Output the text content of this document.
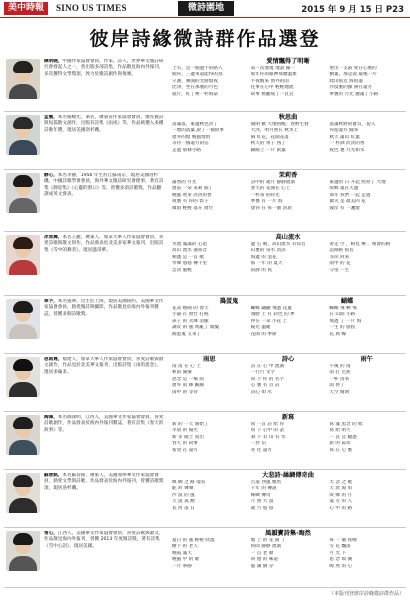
美中時報	SINO US TIMES	微詩園地	2015 年 9 月 15 日 P23
彼岸詩緣微詩群作品選登
陳明晚，中國作家協會會員，作家、詩人、世界華文微詩研究會發起人之一，曾出版多部詩集，作品散見海內外報刊，多次獲得文學獎項，致力於微詩創作與推廣。
愛情飄得了明晰
上有，是一個過不的路人
開你，三邊來還能得的鳥
守護，彈開的光鮮燈夜
比淨，坐在那裏的月色
就片，紅了裡一杯海棠
第一次發現 地說 歸一
那年你的眼神那麼溫柔
半夜醒來 窗外的雨
往事在心中 輕輕地流
故事 被翻成了一頁頁
射出一支箭 愛在心裏的
樹葉，那是淚 最後一片
爬山很近 海很遠
沙漠裏的綠 洲在遠方
夢裏的 月光 灑滿了小路
孟震，本名楊曉光，筆名，廣東省作家協會會員，擅長微詩與短篇散文創作，出版有詩集《雨夜》等，作品被選入多種詩歌年選，現居美國洛杉磯。
秋思曲
落滿落，東邊秋色淡了
一地的落葉 說了一個故事
窗外的燈 晚風悄悄
等待一個遠方的信
走過 那條小路
開朗 歡 大地初醒，春野生發
大河，明月照在 秋水上
兩 紅花，花開花落
秋天的 果子 熟了
歸路上 一片 黃葉
落滿秋野的寶貝，從入
你從遠方 歸來
秋天 滿山 紅葉
一 杯酒 淡淡的香
夜色 裏 月光如水
靜心，本名李靜，1956 年生於江蘇南京，現居美國洛杉磯。中國詩歌學會會員，海外華文微詩研究會理事，著有詩集《靜思集》《心靈的窗口》等，曾獲多項詩歌獎，作品翻譯成英文發表。
茉莉香
滿香的 月光
窗前 一朵 茉莉 開了
晚風 吹來 淡淡的香
夜裏 有 你的 影子
微雨 輕輕 落在 窗台
詩中的 歲月 靜靜流淌
春天的 花開在 心上
一杯茶 的時光
夢裏 有 一片 海
想你 在 每一個 清晨
東邊的 日 升起 照亮了 大地
故鄉 遠在天邊
那年 我們 一起 走過
微笑 是 最美的 花
彼岸 有 一盞燈
冰雪舞，本名王麗，廣東人，加拿大華人作家協會會員，喜愛詩歌與散文寫作，作品發表於北美多家華文報刊，出版詩集《雪中的舞者》，現居溫哥華。
高山流水
水流 滿滿的 心思
高山 流水 遇知音
相逢 是 一首 歌
琴聲 悠悠 傳千里
雲淡 風輕
邊 心 晴，高山流水 有知音
山裏的 泉水 清涼
海邊 的 浪花
那 一年 的 夏天
寂靜 的 夜
帶走 空 ，相見 樂 ，相會的路
這條路 很長
等你 回來
雨中 的 花
守望 一生
翠予，本名張翠，出生於上海，現居美國紐約，美國華文作家協會會員，熱愛微詩與攝影，作品散見於海內外報刊雜誌，曾獲多個詩歌獎。
搗蛋鬼	蝴蝶
花朵 嬉鬧 的 春天
小貓 在 窗台 打盹
孩子 的 笑聲 清脆
調皮 的 風 吹亂了 頭髮
搗蛋鬼 又來了
蝴蝶 翩翩 飛過 花叢
翅膀 上 有 彩色 的 夢
停在 一朵 小花 上
陽光 溫暖
花開 的 季節
蝴蝶 飛 啊 飛
在 山間 小路
飛過 了 一片 海
一生 的 旅程
花 與 蝶
思雨遲，福建人，加拿大華人作家協會會員，喜愛詩歌與散文創作，作品見於北美華文報刊，出版詩集《雨的思念》，現居多倫多。
雨思	詩心	雨午
雨 落 在 心 上
秋雨 濛濛
思念 是 一場 雨
窗外 雨 絲 細細
雨中 的 等待
詩 在 心 中 流淌
一行行 文字
寫 下 你 的 名字
心 裏 有 首 詩
詩心 如 水
午後 的 雨
雨 打 芭蕉
一杯 清茶
雨 停了
天空 晴朗
陶澤，本名陶澤明，江西人，美國華文作家協會會員，喜愛詩歌創作，作品發表於海內外報刊雜誌，著有詩集《春天的故事》等。
新寫
新 的 一天 開始了
早晨 的 陽光
新 芽 破土 而出
春天 的 故事
希望 在 遠方
寫 一首 詩 給 你
寫 下 心中 的 話
筆 下 有 山 有 水
一封 信
寄 往 遠方
寫 滿 思念 的 紙
寫 給 明天
一 頁 頁 翻過
新 的 篇章
寫 在 心 裏
蘇晉銘，本名蘇晉銘，廣東人，美國加州華文作家協會會員，熱愛文學與詩歌，作品發表於海內外報刊，曾獲詩歌獎項，現居洛杉磯。
大悲詩·絲綢傳奇曲
絲 綢 之 路 漫長
駝 鈴 聲聲
沙 漠 的 風
大 漠 孤 煙
長 河 落 日
古道 西風 瘦馬
千年 的 傳說
絲綢 傳奇
月 照 大 漠
歲 月 悠 悠
大 悲 之 歌
天 涯 海 角
故 鄉 的 月
遠 方 的 人
心 中 的 路
雪心，江西人，美國華文作家協會會員，喜愛詩歌與散文，作品散見海內外報刊，曾獲 2013 年度微詩獎，著有詩集《雪中心語》，現居美國。
風韻寶詩集·晦然
夏日 的 風 輕輕 吹過
樹下 的 老人
晚霞 滿天
晚風 中 的 歌
一片 寧靜
地 上 的 花 開 了
時間 靜靜 流淌
一 首 老 歌
回 憶 的 味道
風 韻 猶 存
每 一 個 夜晚
雪 花 飄落
月 光 下
思 念 如 潮
晦 然 的 心
（本版刊登彼岸詩緣微詩群作品）
